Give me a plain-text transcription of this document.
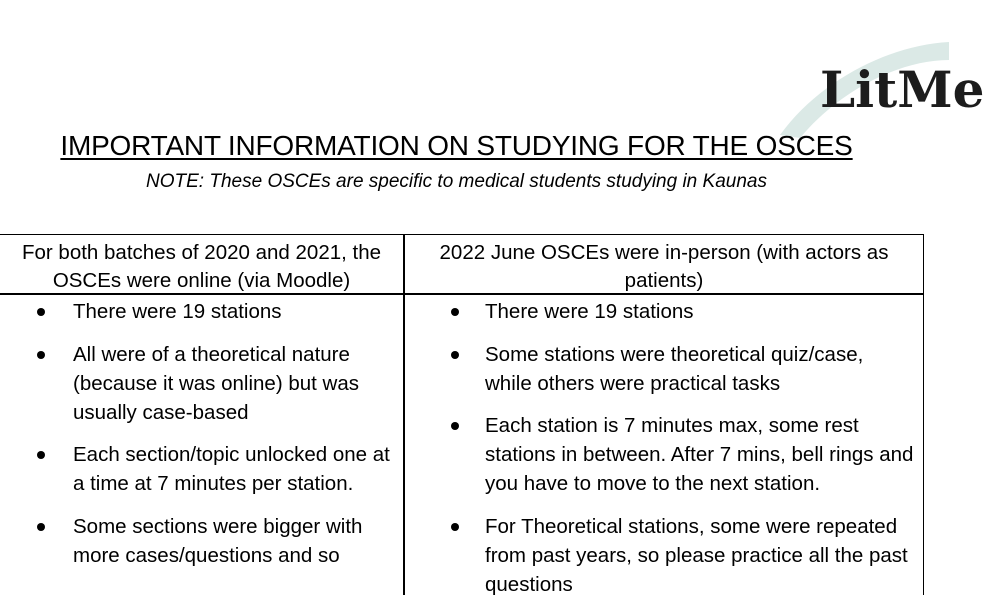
LitMe
IMPORTANT INFORMATION ON STUDYING FOR THE OSCES
NOTE: These OSCEs are specific to medical students studying in Kaunas
For both batches of 2020 and 2021, the OSCEs were online (via Moodle)
2022 June OSCEs were in-person (with actors as patients)
There were 19 stations
All were of a theoretical nature (because it was online) but was usually case-based
Each section/topic unlocked one at a time at 7 minutes per station.
Some sections were bigger with more cases/questions and so
There were 19 stations
Some stations were theoretical quiz/case, while others were practical tasks
Each station is 7 minutes max, some rest stations in between. After 7 mins, bell rings and you have to move to the next station.
For Theoretical stations, some were repeated from past years, so please practice all the past questions
